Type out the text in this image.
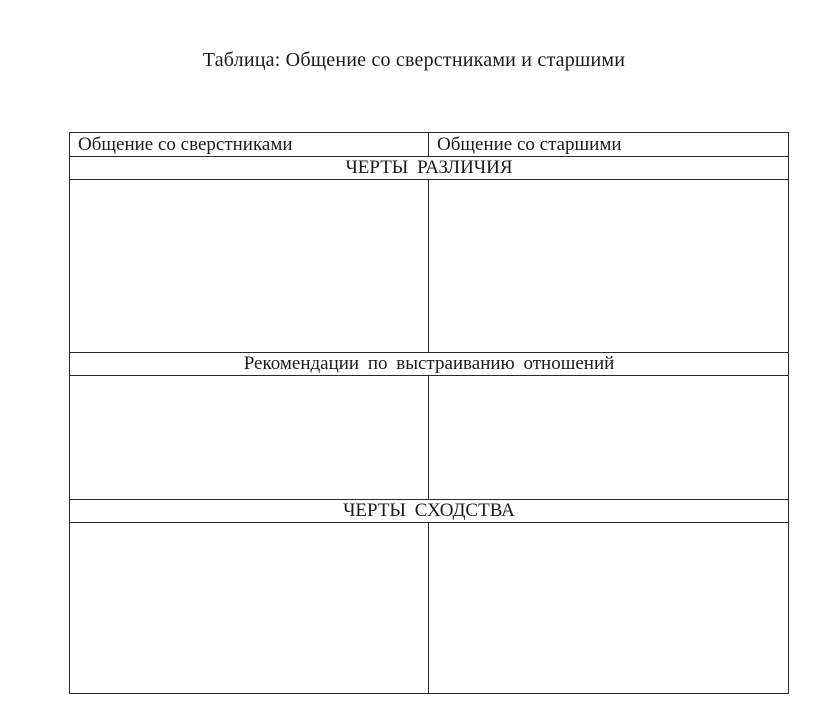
Таблица: Общение со сверстниками и старшими
Общение со сверстниками	Общение со старшими
ЧЕРТЫ РАЗЛИЧИЯ	

Рекомендации по выстраиванию отношений	

ЧЕРТЫ СХОДСТВА	
